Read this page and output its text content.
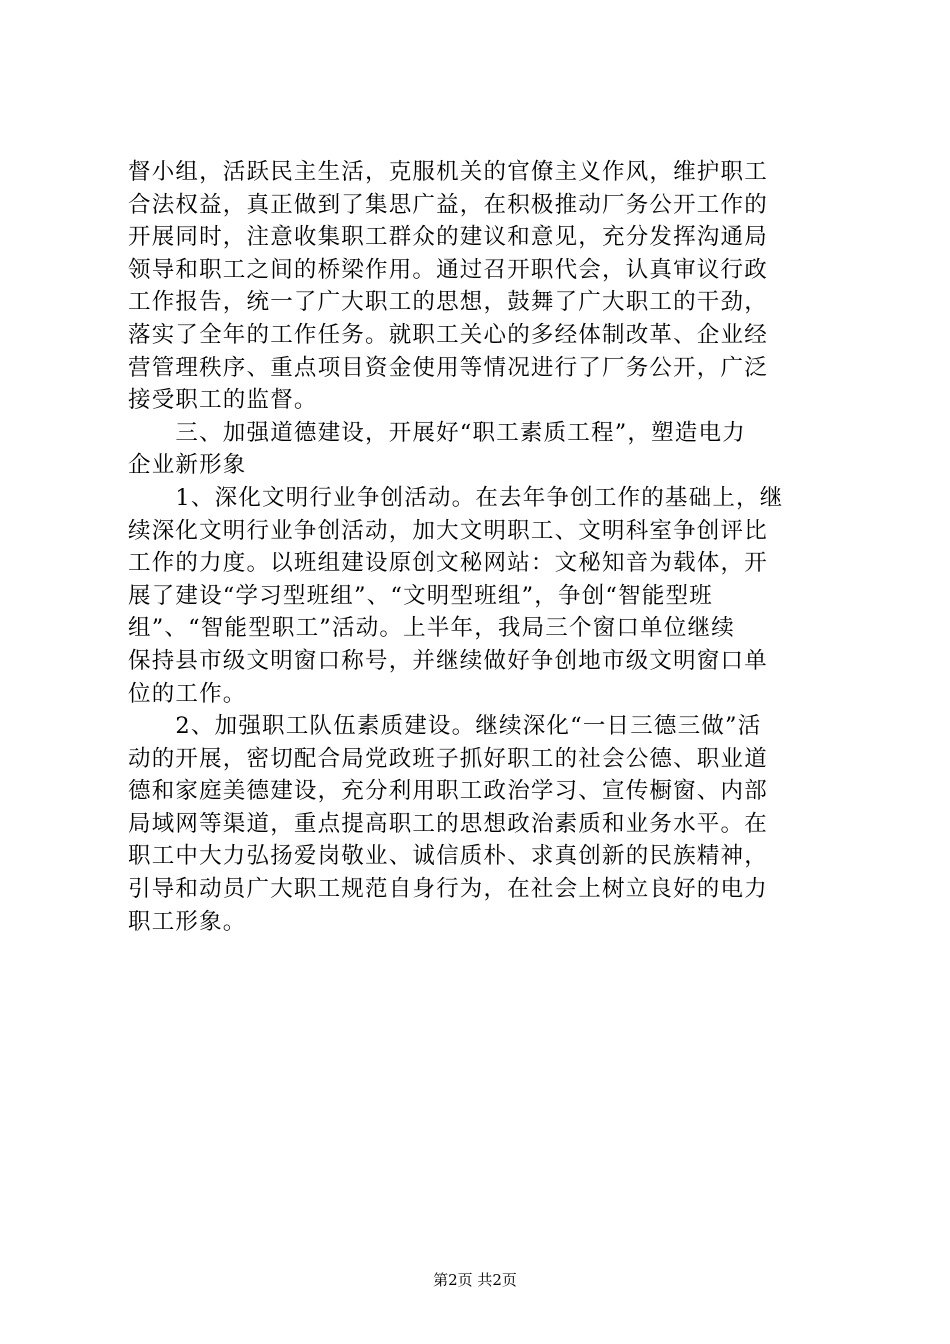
督小组，活跃民主生活，克服机关的官僚主义作风，维护职工
合法权益，真正做到了集思广益，在积极推动厂务公开工作的
开展同时，注意收集职工群众的建议和意见，充分发挥沟通局
领导和职工之间的桥梁作用。通过召开职代会，认真审议行政
工作报告，统一了广大职工的思想，鼓舞了广大职工的干劲，
落实了全年的工作任务。就职工关心的多经体制改革、企业经
营管理秩序、重点项目资金使用等情况进行了厂务公开，广泛
接受职工的监督。
　　三、加强道德建设，开展好“职工素质工程”，塑造电力
企业新形象
　　1、深化文明行业争创活动。在去年争创工作的基础上，继
续深化文明行业争创活动，加大文明职工、文明科室争创评比
工作的力度。以班组建设原创文秘网站：文秘知音为载体，开
展了建设“学习型班组”、“文明型班组”，争创“智能型班
组”、“智能型职工”活动。上半年，我局三个窗口单位继续
保持县市级文明窗口称号，并继续做好争创地市级文明窗口单
位的工作。
　　2、加强职工队伍素质建设。继续深化“一日三德三做”活
动的开展，密切配合局党政班子抓好职工的社会公德、职业道
德和家庭美德建设，充分利用职工政治学习、宣传橱窗、内部
局域网等渠道，重点提高职工的思想政治素质和业务水平。在
职工中大力弘扬爱岗敬业、诚信质朴、求真创新的民族精神，
引导和动员广大职工规范自身行为，在社会上树立良好的电力
职工形象。
第2页 共2页
